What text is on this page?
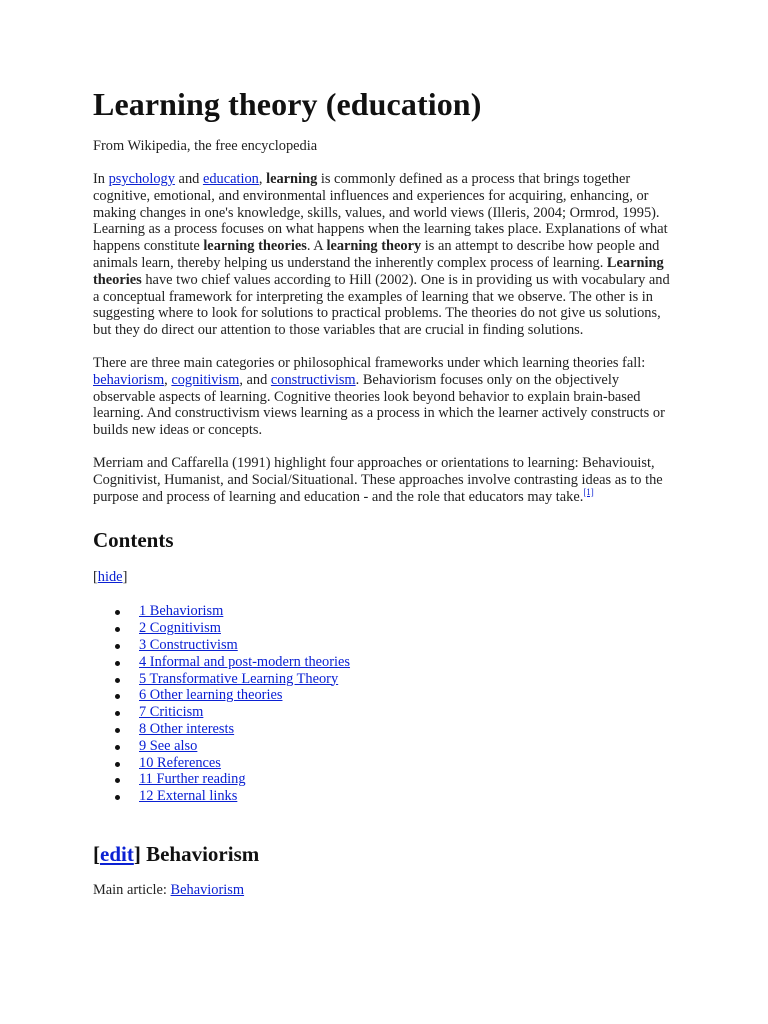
Learning theory (education)
From Wikipedia, the free encyclopedia

In psychology and education, learning is commonly defined as a process that brings together cognitive, emotional, and environmental influences and experiences for acquiring, enhancing, or making changes in one's knowledge, skills, values, and world views (Illeris, 2004; Ormrod, 1995). Learning as a process focuses on what happens when the learning takes place. Explanations of what happens constitute learning theories. A learning theory is an attempt to describe how people and animals learn, thereby helping us understand the inherently complex process of learning. Learning theories have two chief values according to Hill (2002). One is in providing us with vocabulary and a conceptual framework for interpreting the examples of learning that we observe. The other is in suggesting where to look for solutions to practical problems. The theories do not give us solutions, but they do direct our attention to those variables that are crucial in finding solutions.

There are three main categories or philosophical frameworks under which learning theories fall: behaviorism, cognitivism, and constructivism. Behaviorism focuses only on the objectively observable aspects of learning. Cognitive theories look beyond behavior to explain brain-based learning. And constructivism views learning as a process in which the learner actively constructs or builds new ideas or concepts.

Merriam and Caffarella (1991) highlight four approaches or orientations to learning: Behaviouist, Cognitivist, Humanist, and Social/Situational. These approaches involve contrasting ideas as to the purpose and process of learning and education - and the role that educators may take.[1]

Contents
[hide]
1 Behaviorism
2 Cognitivism
3 Constructivism
4 Informal and post-modern theories
5 Transformative Learning Theory
6 Other learning theories
7 Criticism
8 Other interests
9 See also
10 References
11 Further reading
12 External links
[edit] Behaviorism
Main article: Behaviorism
